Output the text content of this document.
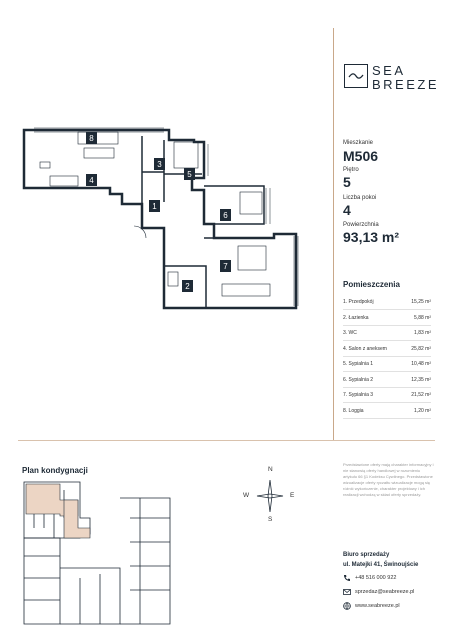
SEA
BREEZE
Mieszkanie
M506
Piętro
5
Liczba pokoi
4
Powierzchnia
93,13 m²
Pomieszczenia
1. Przedpokój	15,25 m²
2. Łazienka	5,88 m²
3. WC	1,83 m²
4. Salon z aneksem	25,82 m²
5. Sypialnia 1	10,48 m²
6. Sypialnia 2	12,35 m²
7. Sypialnia 3	21,52 m²
8. Loggia	1,20 m²
1
2
3
4
5
6
7
8
Plan kondygnacji	N
S
E
W
Przedstawione oferty mają charakter informacyjny i nie stanowią oferty handlowej w rozumieniu artykułu 66 §1 Kodeksu Cywilnego. Przedstawione wizualizacje oferty ryczałtu wizualizacje mogą się różnić wykończenie, charakter projektowy i ich realizacji wchodzą w skład oferty sprzedaży.
Biuro sprzedaży
ul. Matejki 41, Świnoujście
+48 516 000 922
sprzedaz@seabreeze.pl
www.seabreeze.pl
